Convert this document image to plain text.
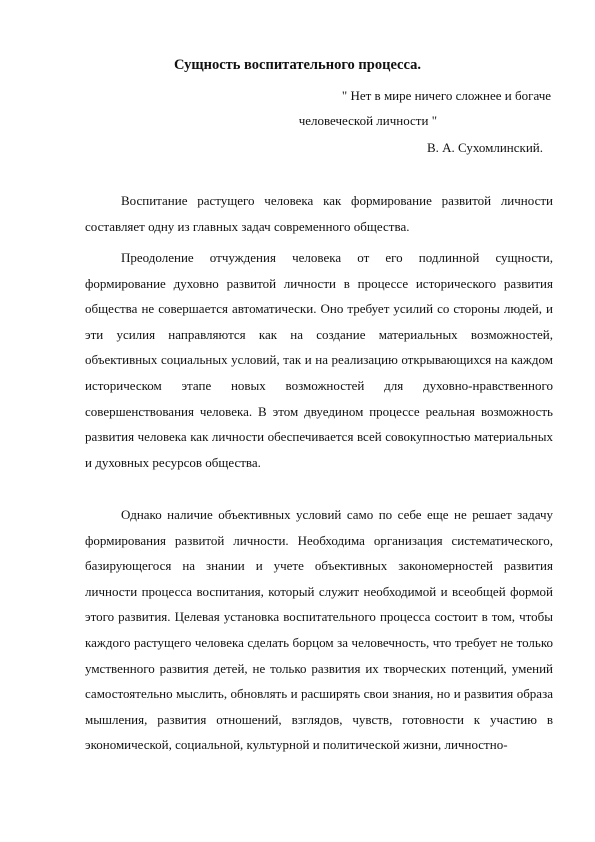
Сущность воспитательного процесса.

" Нет в мире ничего сложнее и богаче

человеческой личности "

В. А. Сухомлинский.

Воспитание растущего человека как формирование развитой личности составляет одну из главных задач современного общества.

Преодоление отчуждения человека от его подлинной сущности, формирование духовно развитой личности в процессе исторического развития общества не совершается автоматически. Оно требует усилий со стороны людей, и эти усилия направляются как на создание материальных возможностей, объективных социальных условий, так и на реализацию открывающихся на каждом историческом этапе новых возможностей для духовно-нравственного совершенствования человека. В этом двуедином процессе реальная возможность развития человека как личности обеспечивается всей совокупностью материальных и духовных ресурсов общества.

Однако наличие объективных условий само по себе еще не решает задачу формирования развитой личности. Необходима организация систематического, базирующегося на знании и учете объективных закономерностей развития личности процесса воспитания, который служит необходимой и всеобщей формой этого развития. Целевая установка воспитательного процесса состоит в том, чтобы каждого растущего человека сделать борцом за человечность, что требует не только умственного развития детей, не только развития их творческих потенций, умений самостоятельно мыслить, обновлять и расширять свои знания, но и развития образа мышления, развития отношений, взглядов, чувств, готовности к участию в экономической, социальной, культурной и политической жизни, личностно-
